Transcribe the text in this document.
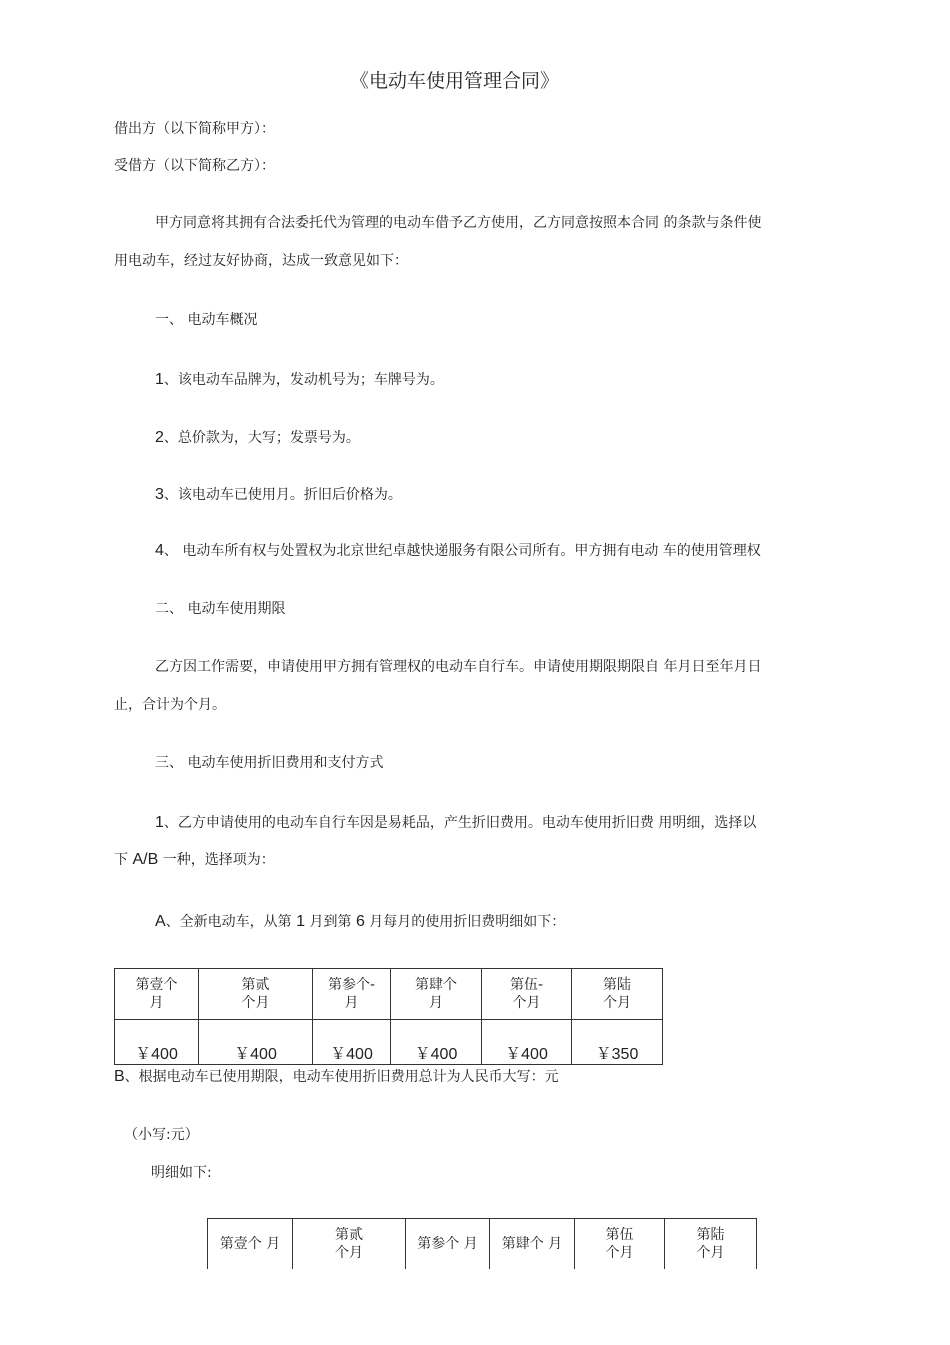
《电动车使用管理合同》
借出方（以下简称甲方）：
受借方（以下简称乙方）：
甲方同意将其拥有合法委托代为管理的电动车借予乙方使用，乙方同意按照本合同 的条款与条件使
用电动车，经过友好协商，达成一致意见如下：
一、 电动车概况
1、该电动车品牌为，发动机号为；车牌号为。
2、总价款为，大写；发票号为。
3、该电动车已使用月。折旧后价格为。
4、 电动车所有权与处置权为北京世纪卓越快递服务有限公司所有。甲方拥有电动 车的使用管理权
二、 电动车使用期限
乙方因工作需要，申请使用甲方拥有管理权的电动车自行车。申请使用期限期限自 年月日至年月日
止，合计为个月。
三、 电动车使用折旧费用和支付方式
1、乙方申请使用的电动车自行车因是易耗品，产生折旧费用。电动车使用折旧费 用明细，选择以
下 A/B 一种，选择项为：
A、全新电动车，从第 1 月到第 6 月每月的使用折旧费明细如下：
第壹个
月	第贰
个月	第参个-
月	第肆个
月	第伍-
个月	第陆
个月
￥400	￥400	￥400	￥400	￥400	￥350
B、根据电动车已使用期限，电动车使用折旧费用总计为人民币大写：元
（小写:元）
明细如下:
第壹个 月	第贰
个月	第参个 月	第肆个 月	第伍
个月	第陆
个月
